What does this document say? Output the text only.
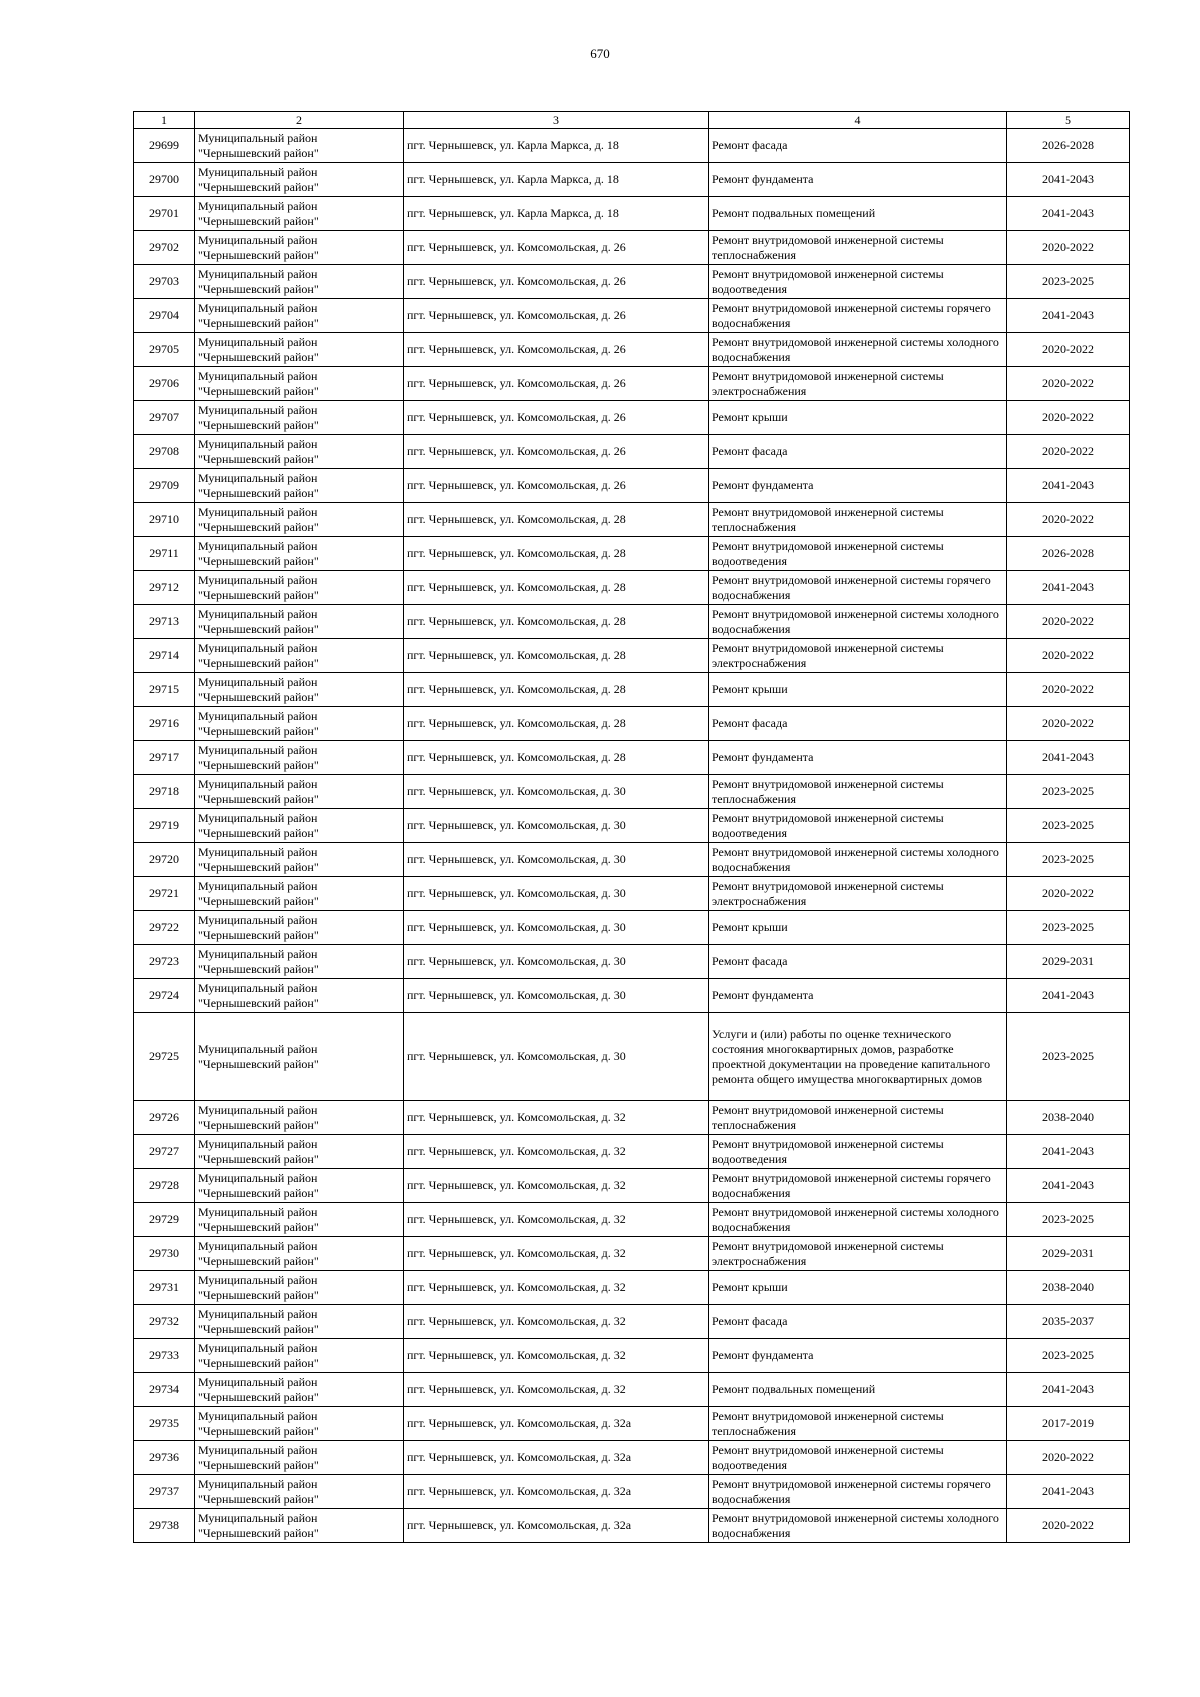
670
1	2	3	4	5
29699	Муниципальный район "Чернышевский район"	пгт. Чернышевск, ул. Карла Маркса, д. 18	Ремонт фасада	2026-2028
29700	Муниципальный район "Чернышевский район"	пгт. Чернышевск, ул. Карла Маркса, д. 18	Ремонт фундамента	2041-2043
29701	Муниципальный район "Чернышевский район"	пгт. Чернышевск, ул. Карла Маркса, д. 18	Ремонт подвальных помещений	2041-2043
29702	Муниципальный район "Чернышевский район"	пгт. Чернышевск, ул. Комсомольская, д. 26	Ремонт внутридомовой инженерной системы теплоснабжения	2020-2022
29703	Муниципальный район "Чернышевский район"	пгт. Чернышевск, ул. Комсомольская, д. 26	Ремонт внутридомовой инженерной системы водоотведения	2023-2025
29704	Муниципальный район "Чернышевский район"	пгт. Чернышевск, ул. Комсомольская, д. 26	Ремонт внутридомовой инженерной системы горячего водоснабжения	2041-2043
29705	Муниципальный район "Чернышевский район"	пгт. Чернышевск, ул. Комсомольская, д. 26	Ремонт внутридомовой инженерной системы холодного водоснабжения	2020-2022
29706	Муниципальный район "Чернышевский район"	пгт. Чернышевск, ул. Комсомольская, д. 26	Ремонт внутридомовой инженерной системы электроснабжения	2020-2022
29707	Муниципальный район "Чернышевский район"	пгт. Чернышевск, ул. Комсомольская, д. 26	Ремонт крыши	2020-2022
29708	Муниципальный район "Чернышевский район"	пгт. Чернышевск, ул. Комсомольская, д. 26	Ремонт фасада	2020-2022
29709	Муниципальный район "Чернышевский район"	пгт. Чернышевск, ул. Комсомольская, д. 26	Ремонт фундамента	2041-2043
29710	Муниципальный район "Чернышевский район"	пгт. Чернышевск, ул. Комсомольская, д. 28	Ремонт внутридомовой инженерной системы теплоснабжения	2020-2022
29711	Муниципальный район "Чернышевский район"	пгт. Чернышевск, ул. Комсомольская, д. 28	Ремонт внутридомовой инженерной системы водоотведения	2026-2028
29712	Муниципальный район "Чернышевский район"	пгт. Чернышевск, ул. Комсомольская, д. 28	Ремонт внутридомовой инженерной системы горячего водоснабжения	2041-2043
29713	Муниципальный район "Чернышевский район"	пгт. Чернышевск, ул. Комсомольская, д. 28	Ремонт внутридомовой инженерной системы холодного водоснабжения	2020-2022
29714	Муниципальный район "Чернышевский район"	пгт. Чернышевск, ул. Комсомольская, д. 28	Ремонт внутридомовой инженерной системы электроснабжения	2020-2022
29715	Муниципальный район "Чернышевский район"	пгт. Чернышевск, ул. Комсомольская, д. 28	Ремонт крыши	2020-2022
29716	Муниципальный район "Чернышевский район"	пгт. Чернышевск, ул. Комсомольская, д. 28	Ремонт фасада	2020-2022
29717	Муниципальный район "Чернышевский район"	пгт. Чернышевск, ул. Комсомольская, д. 28	Ремонт фундамента	2041-2043
29718	Муниципальный район "Чернышевский район"	пгт. Чернышевск, ул. Комсомольская, д. 30	Ремонт внутридомовой инженерной системы теплоснабжения	2023-2025
29719	Муниципальный район "Чернышевский район"	пгт. Чернышевск, ул. Комсомольская, д. 30	Ремонт внутридомовой инженерной системы водоотведения	2023-2025
29720	Муниципальный район "Чернышевский район"	пгт. Чернышевск, ул. Комсомольская, д. 30	Ремонт внутридомовой инженерной системы холодного водоснабжения	2023-2025
29721	Муниципальный район "Чернышевский район"	пгт. Чернышевск, ул. Комсомольская, д. 30	Ремонт внутридомовой инженерной системы электроснабжения	2020-2022
29722	Муниципальный район "Чернышевский район"	пгт. Чернышевск, ул. Комсомольская, д. 30	Ремонт крыши	2023-2025
29723	Муниципальный район "Чернышевский район"	пгт. Чернышевск, ул. Комсомольская, д. 30	Ремонт фасада	2029-2031
29724	Муниципальный район "Чернышевский район"	пгт. Чернышевск, ул. Комсомольская, д. 30	Ремонт фундамента	2041-2043
29725	Муниципальный район "Чернышевский район"	пгт. Чернышевск, ул. Комсомольская, д. 30	Услуги и (или) работы по оценке технического состояния многоквартирных домов, разработке проектной документации на проведение капитального ремонта общего имущества многоквартирных домов	2023-2025
29726	Муниципальный район "Чернышевский район"	пгт. Чернышевск, ул. Комсомольская, д. 32	Ремонт внутридомовой инженерной системы теплоснабжения	2038-2040
29727	Муниципальный район "Чернышевский район"	пгт. Чернышевск, ул. Комсомольская, д. 32	Ремонт внутридомовой инженерной системы водоотведения	2041-2043
29728	Муниципальный район "Чернышевский район"	пгт. Чернышевск, ул. Комсомольская, д. 32	Ремонт внутридомовой инженерной системы горячего водоснабжения	2041-2043
29729	Муниципальный район "Чернышевский район"	пгт. Чернышевск, ул. Комсомольская, д. 32	Ремонт внутридомовой инженерной системы холодного водоснабжения	2023-2025
29730	Муниципальный район "Чернышевский район"	пгт. Чернышевск, ул. Комсомольская, д. 32	Ремонт внутридомовой инженерной системы электроснабжения	2029-2031
29731	Муниципальный район "Чернышевский район"	пгт. Чернышевск, ул. Комсомольская, д. 32	Ремонт крыши	2038-2040
29732	Муниципальный район "Чернышевский район"	пгт. Чернышевск, ул. Комсомольская, д. 32	Ремонт фасада	2035-2037
29733	Муниципальный район "Чернышевский район"	пгт. Чернышевск, ул. Комсомольская, д. 32	Ремонт фундамента	2023-2025
29734	Муниципальный район "Чернышевский район"	пгт. Чернышевск, ул. Комсомольская, д. 32	Ремонт подвальных помещений	2041-2043
29735	Муниципальный район "Чернышевский район"	пгт. Чернышевск, ул. Комсомольская, д. 32а	Ремонт внутридомовой инженерной системы теплоснабжения	2017-2019
29736	Муниципальный район "Чернышевский район"	пгт. Чернышевск, ул. Комсомольская, д. 32а	Ремонт внутридомовой инженерной системы водоотведения	2020-2022
29737	Муниципальный район "Чернышевский район"	пгт. Чернышевск, ул. Комсомольская, д. 32а	Ремонт внутридомовой инженерной системы горячего водоснабжения	2041-2043
29738	Муниципальный район "Чернышевский район"	пгт. Чернышевск, ул. Комсомольская, д. 32а	Ремонт внутридомовой инженерной системы холодного водоснабжения	2020-2022
